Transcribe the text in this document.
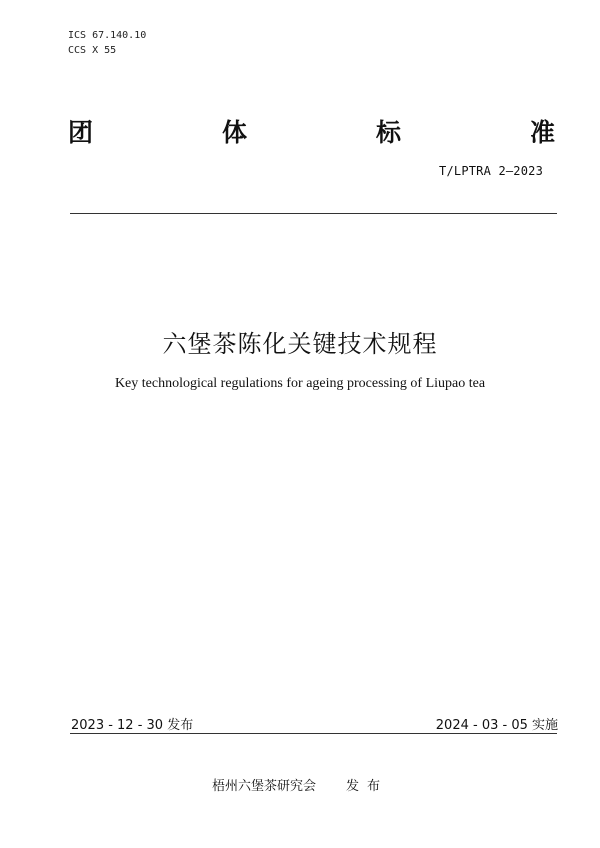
ICS 67.140.10
CCS X 55
团	体	标	准
T/LPTRA 2—2023
六堡茶陈化关键技术规程
Key technological regulations for ageing processing of Liupao tea
2023 - 12 - 30 发布	2024 - 03 - 05 实施
梧州六堡茶研究会 发布
